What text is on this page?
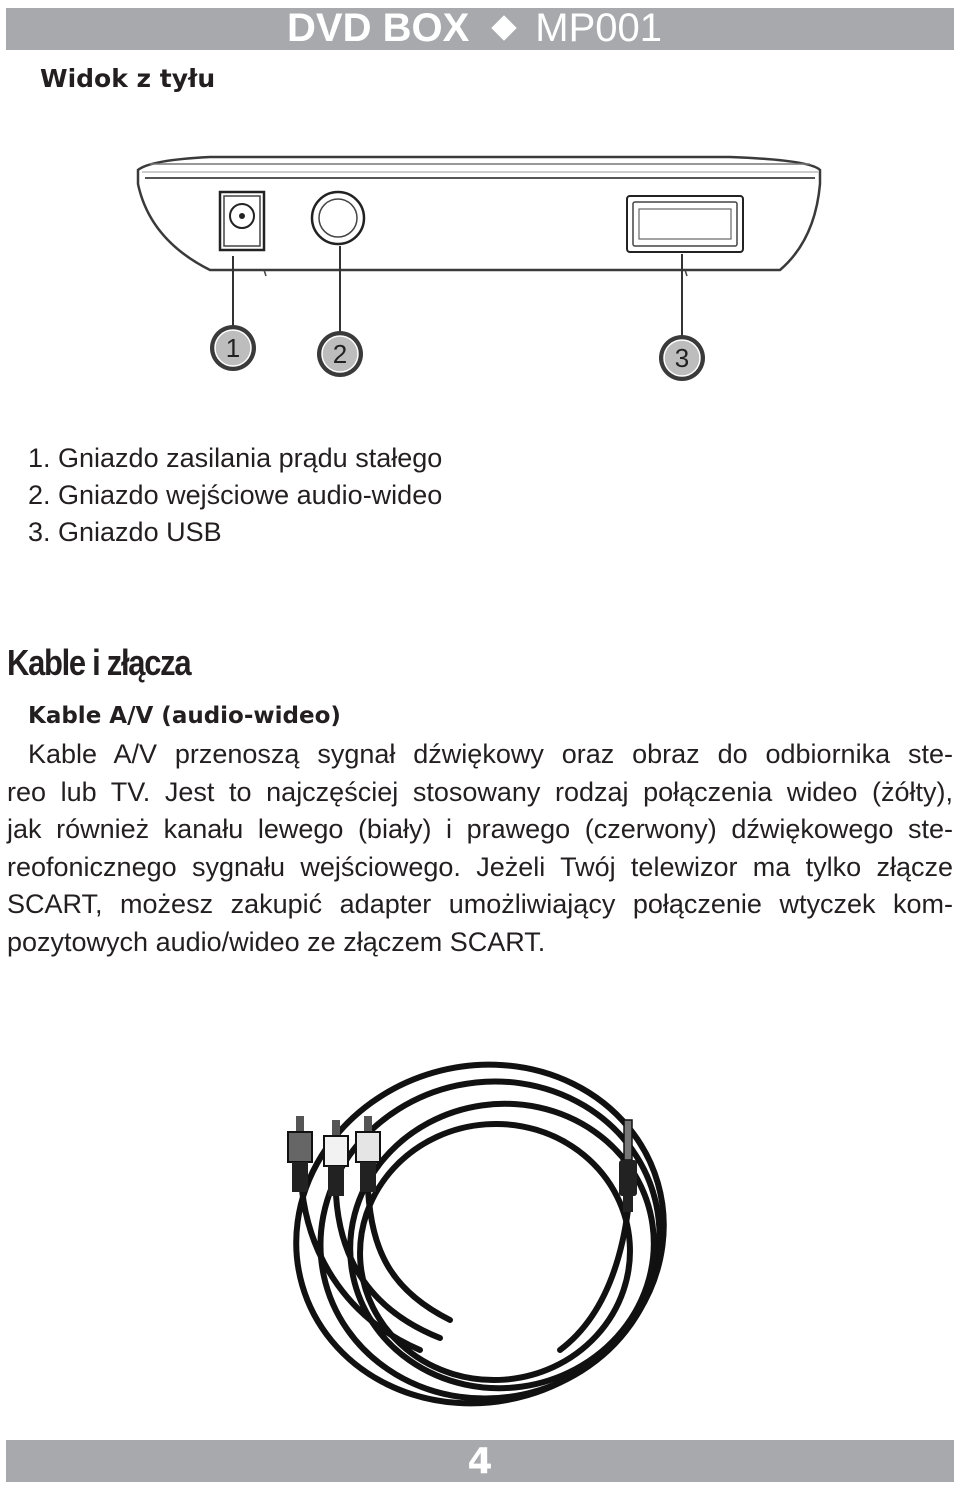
DVD BOX MP001
Widok z tyłu
1	2	3
1. Gniazdo zasilania prądu stałego
2. Gniazdo wejściowe audio-wideo
3. Gniazdo USB
Kable i złącza
Kable A/V (audio-wideo)
Kable A/V przenoszą sygnał dźwiękowy oraz obraz do odbiornika ste-
reo lub TV. Jest to najczęściej stosowany rodzaj połączenia wideo (żółty),
jak również kanału lewego (biały) i prawego (czerwony) dźwiękowego ste-
reofonicznego sygnału wejściowego. Jeżeli Twój telewizor ma tylko złącze
SCART, możesz zakupić adapter umożliwiający połączenie wtyczek kom-
pozytowych audio/wideo ze złączem SCART.
4
